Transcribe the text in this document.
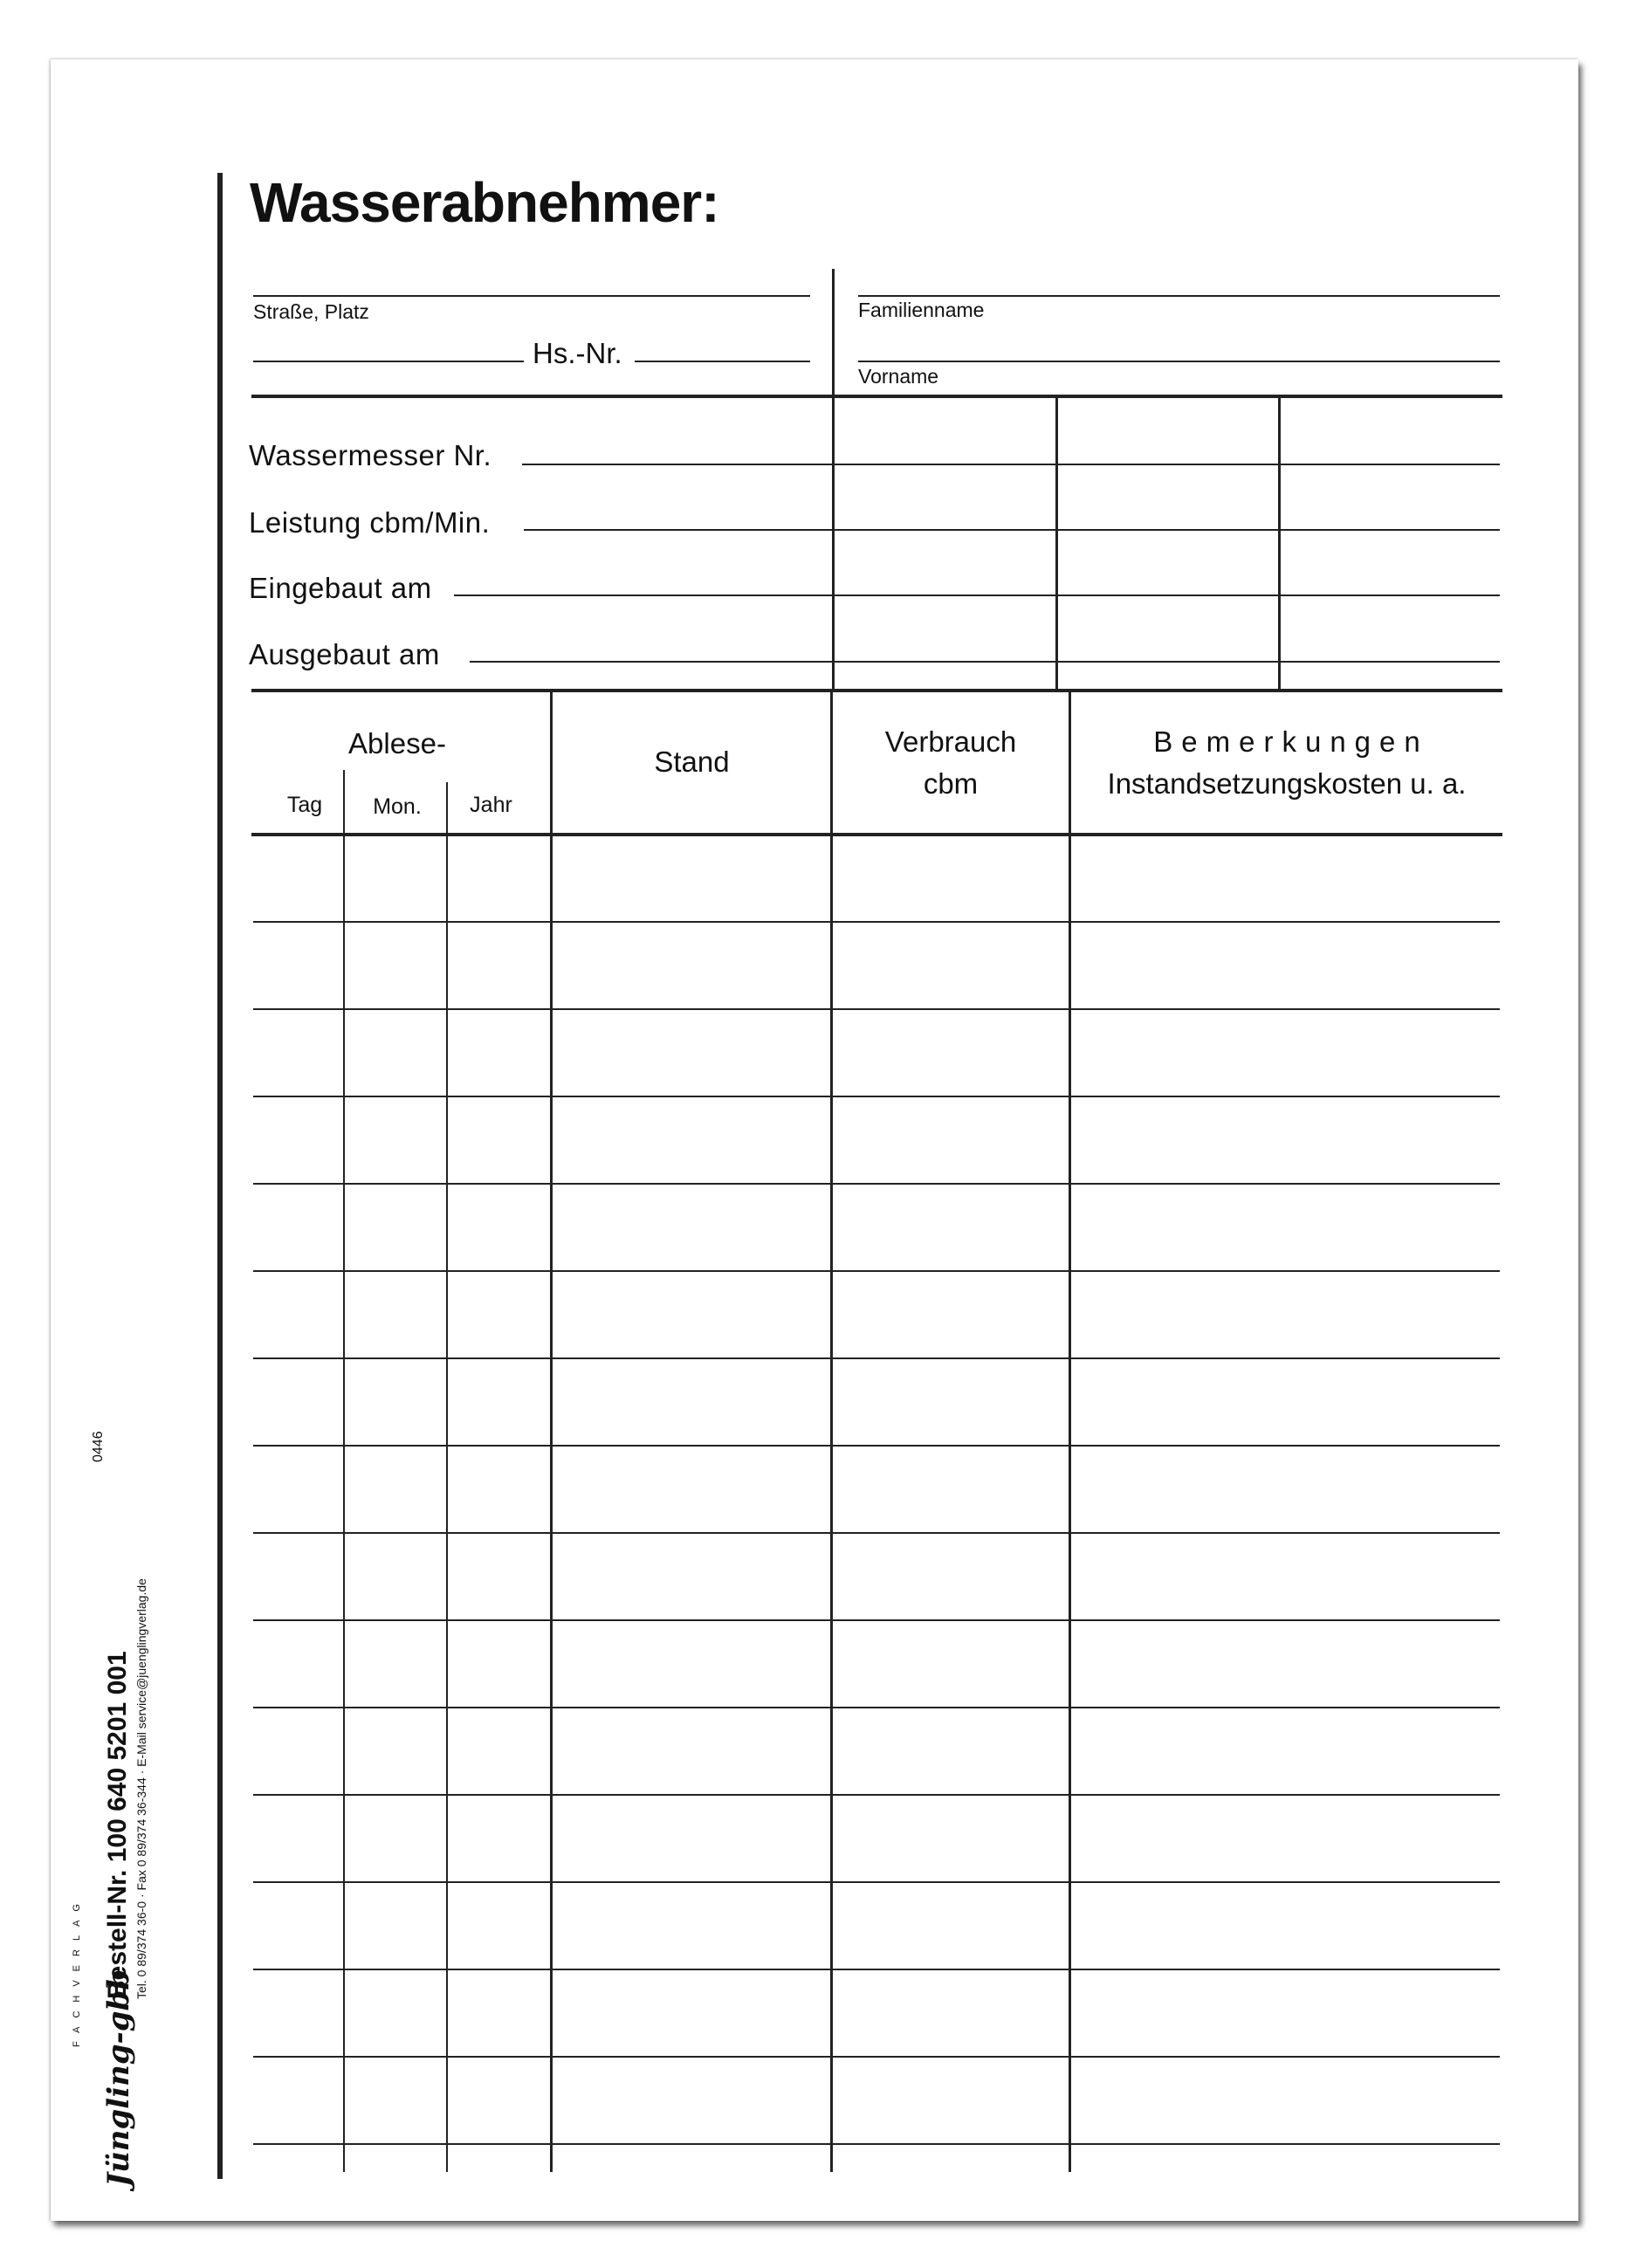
Wasserabnehmer:
Straße, Platz
Hs.-Nr.
Familienname
Vorname
Wassermesser Nr.
Leistung cbm/Min.
Eingebaut am
Ausgebaut am
Ablese-
Tag	Mon.	Jahr
Stand
Verbrauch
cbm
Bemerkungen
Instandsetzungskosten u. a.
FACHVERLAG Jüngling-gbb
Bestell-Nr. 100 640 5201 001 Tel. 0 89/374 36-0 · Fax 0 89/374 36-344 · E-Mail service@juenglingverlag.de
0446
